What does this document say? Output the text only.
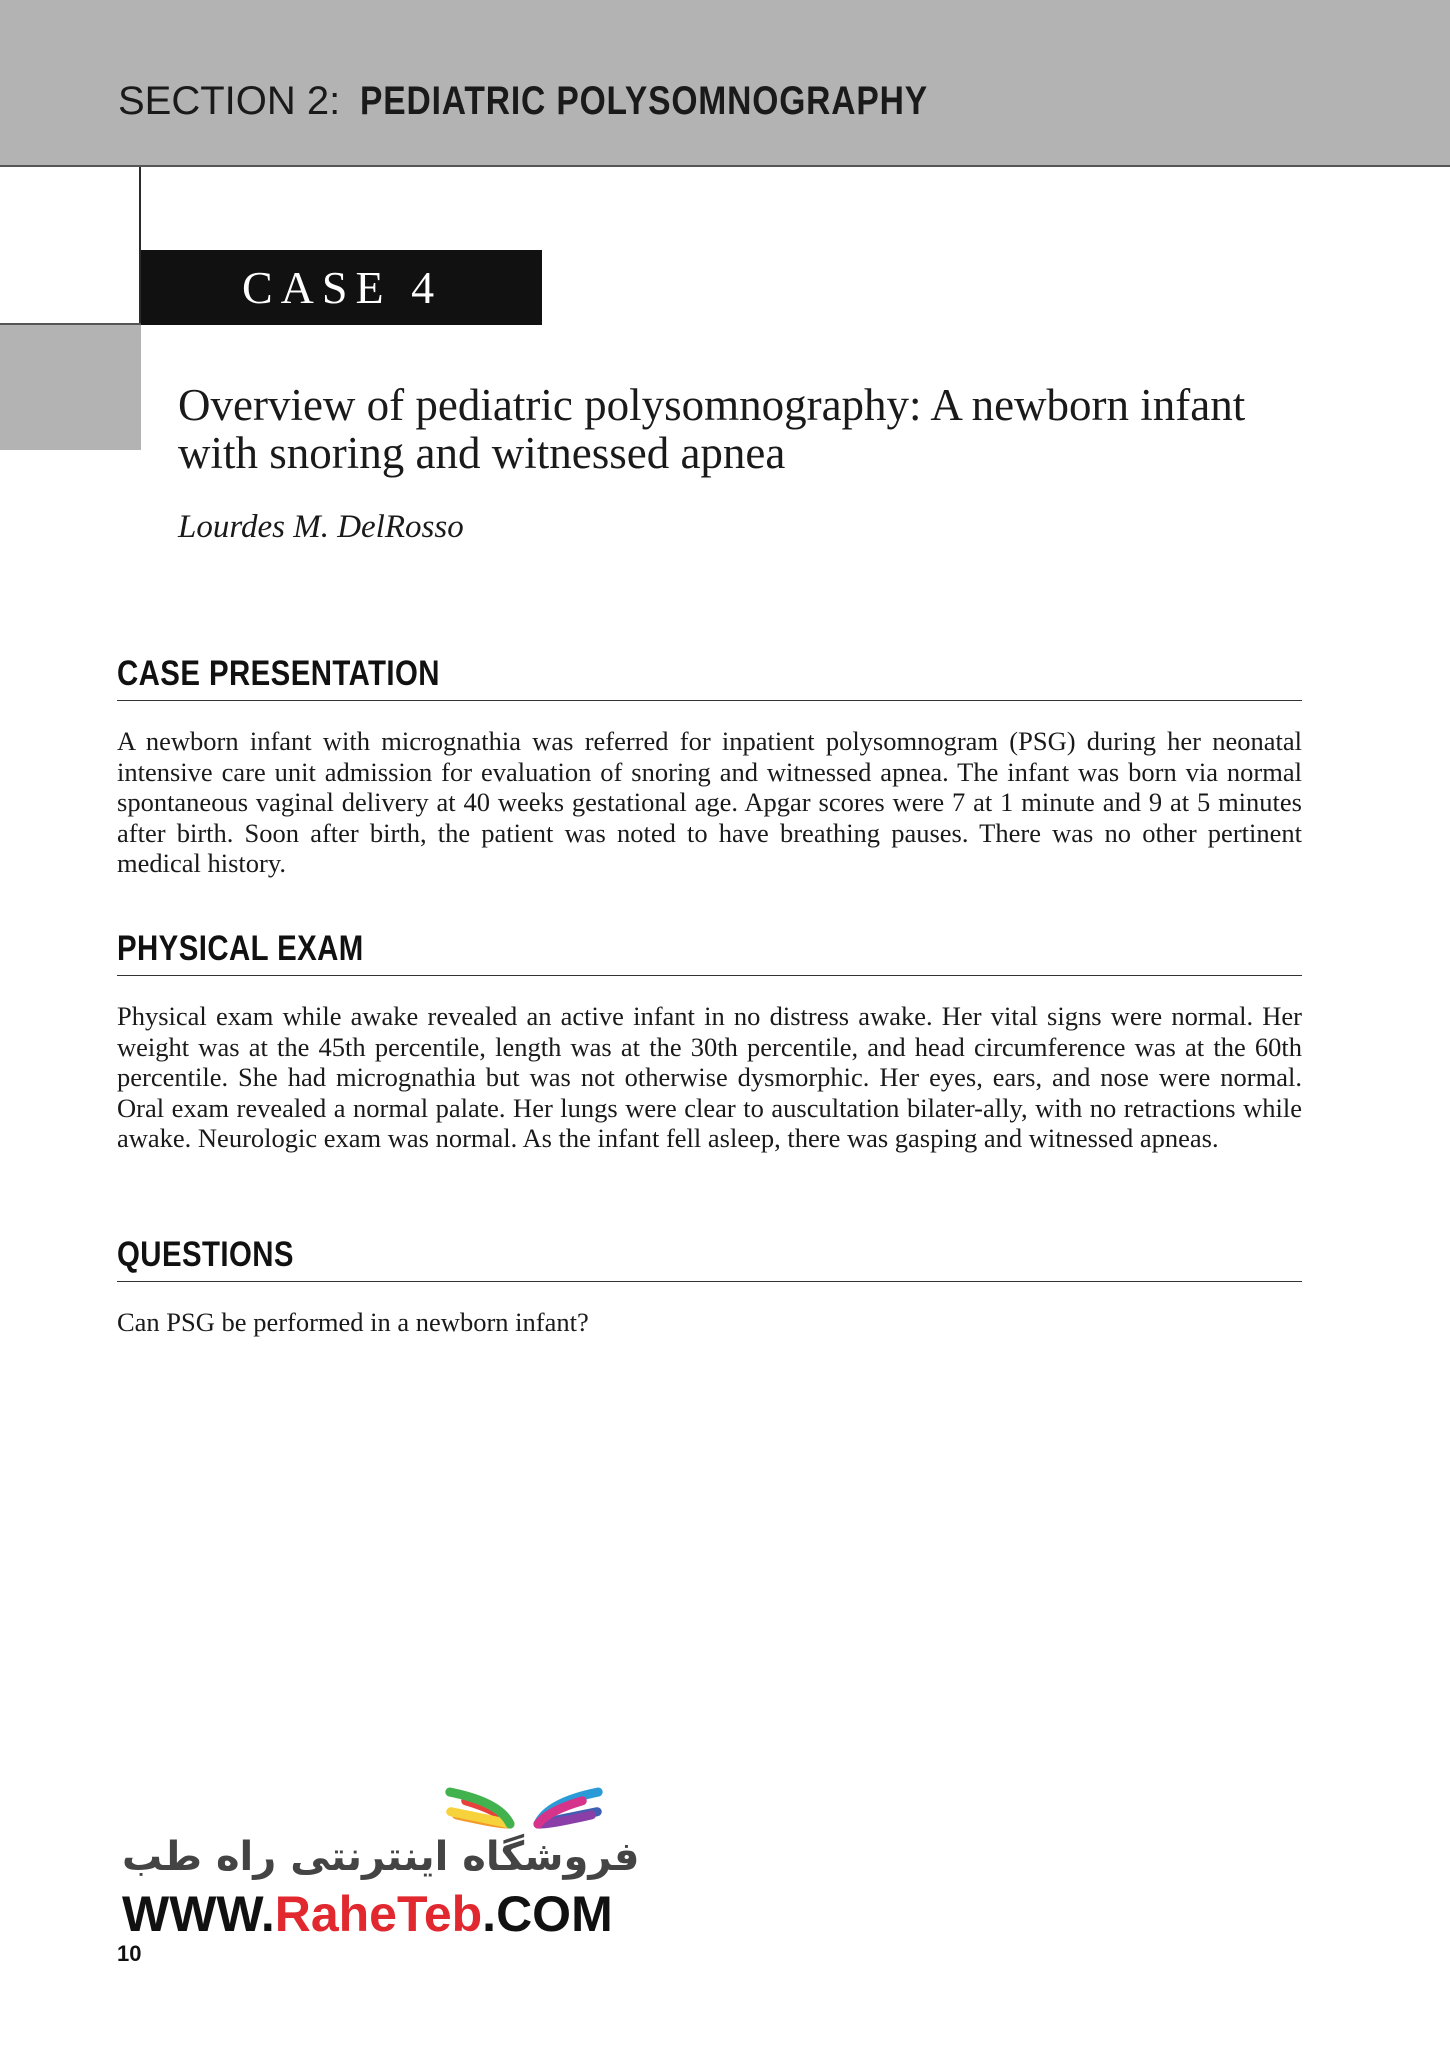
SECTION 2: PEDIATRIC POLYSOMNOGRAPHY
CASE 4
Overview of pediatric polysomnography: A newborn infant with snoring and witnessed apnea

Lourdes M. DelRosso

CASE PRESENTATION

A newborn infant with micrognathia was referred for inpatient polysomnogram (PSG) during her neonatal intensive care unit admission for evaluation of snoring and witnessed apnea. The infant was born via normal spontaneous vaginal delivery at 40 weeks gestational age. Apgar scores were 7 at 1 minute and 9 at 5 minutes after birth. Soon after birth, the patient was noted to have breathing pauses. There was no other pertinent medical history.

PHYSICAL EXAM

Physical exam while awake revealed an active infant in no distress awake. Her vital signs were normal. Her weight was at the 45th percentile, length was at the 30th percentile, and head circumference was at the 60th percentile. She had micrognathia but was not otherwise dysmorphic. Her eyes, ears, and nose were normal. Oral exam revealed a normal palate. Her lungs were clear to auscultation bilater-ally, with no retractions while awake. Neurologic exam was normal. As the infant fell asleep, there was gasping and witnessed apneas.

QUESTIONS

Can PSG be performed in a newborn infant?

فروشگاه اینترنتی راه طب
WWW.RaheTeb.COM

10
